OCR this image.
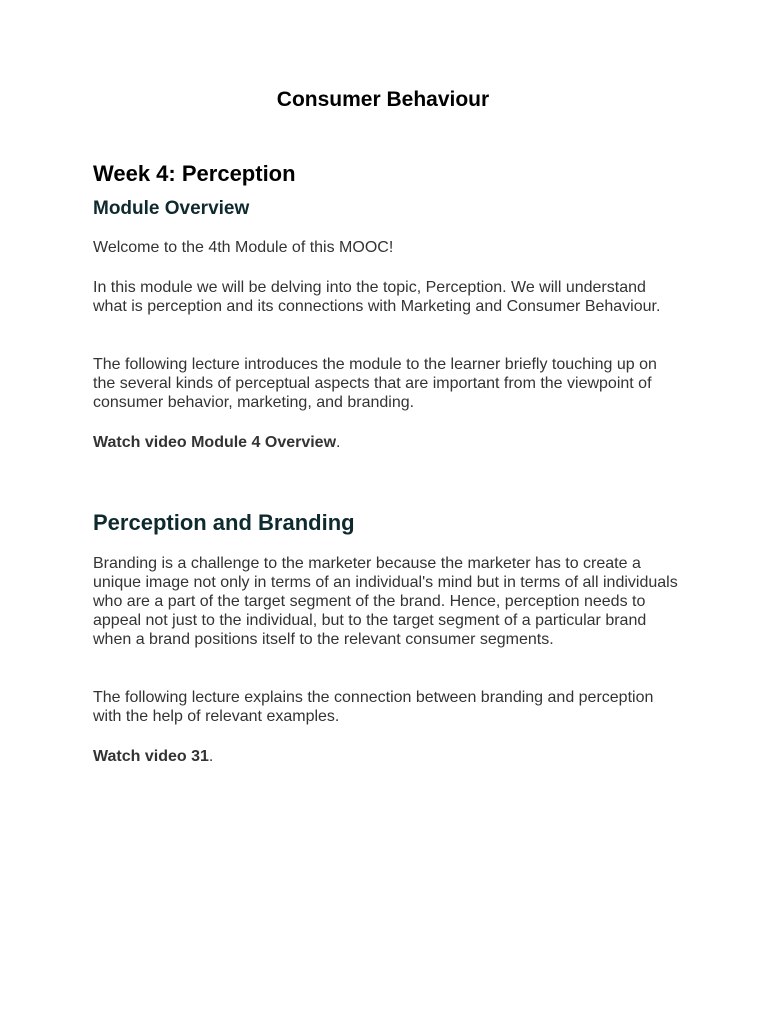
Consumer Behaviour
Week 4: Perception
Module Overview

Welcome to the 4th Module of this MOOC!

In this module we will be delving into the topic, Perception. We will understand what is perception and its connections with Marketing and Consumer Behaviour.

The following lecture introduces the module to the learner briefly touching up on the several kinds of perceptual aspects that are important from the viewpoint of consumer behavior, marketing, and branding.

Watch video Module 4 Overview.

Perception and Branding

Branding is a challenge to the marketer because the marketer has to create a unique image not only in terms of an individual's mind but in terms of all individuals who are a part of the target segment of the brand. Hence, perception needs to appeal not just to the individual, but to the target segment of a particular brand when a brand positions itself to the relevant consumer segments.

The following lecture explains the connection between branding and perception with the help of relevant examples.

Watch video 31.
